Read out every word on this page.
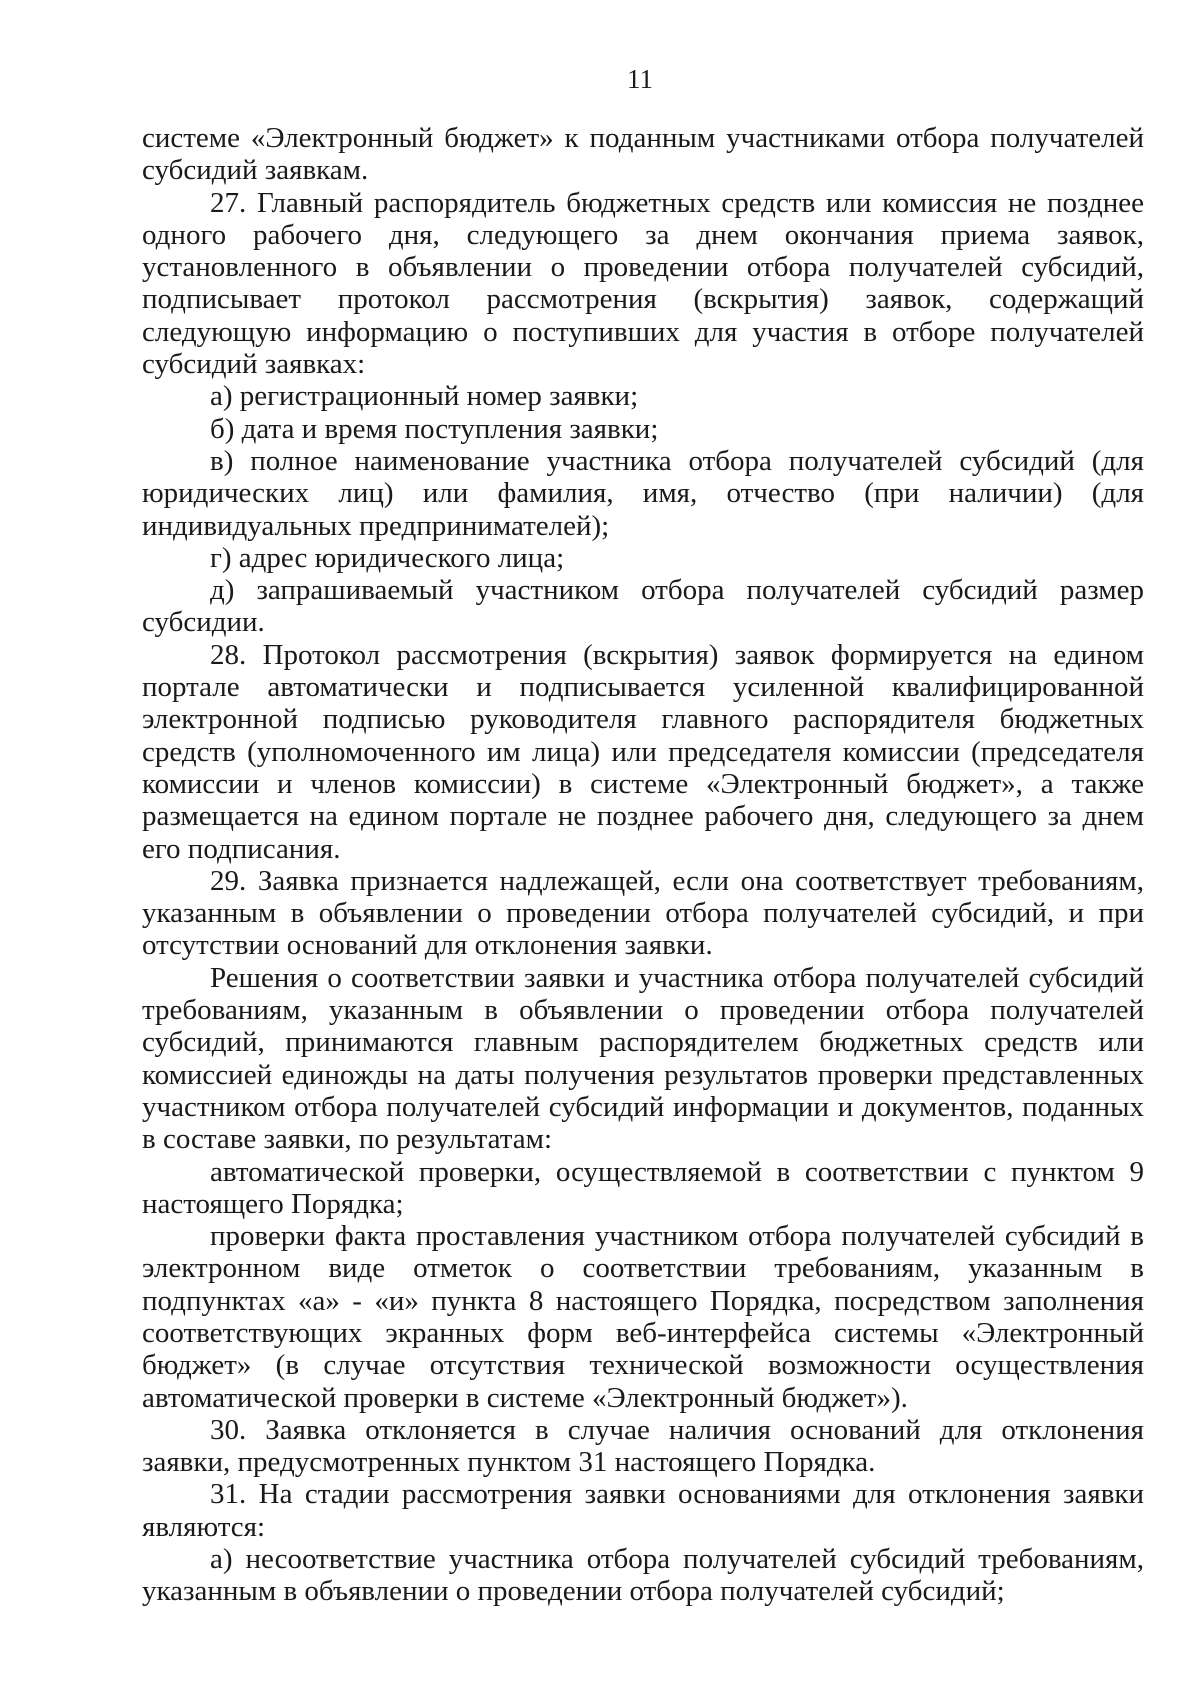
11

системе «Электронный бюджет» к поданным участниками отбора получателей субсидий заявкам.

27. Главный распорядитель бюджетных средств или комиссия не позднее одного рабочего дня, следующего за днем окончания приема заявок, установленного в объявлении о проведении отбора получателей субсидий, подписывает протокол рассмотрения (вскрытия) заявок, содержащий следующую информацию о поступивших для участия в отборе получателей субсидий заявках:

а) регистрационный номер заявки;

б) дата и время поступления заявки;

в) полное наименование участника отбора получателей субсидий (для юридических лиц) или фамилия, имя, отчество (при наличии) (для индивидуальных предпринимателей);

г) адрес юридического лица;

д) запрашиваемый участником отбора получателей субсидий размер субсидии.

28. Протокол рассмотрения (вскрытия) заявок формируется на едином портале автоматически и подписывается усиленной квалифицированной электронной подписью руководителя главного распорядителя бюджетных средств (уполномоченного им лица) или председателя комиссии (председателя комиссии и членов комиссии) в системе «Электронный бюджет», а также размещается на едином портале не позднее рабочего дня, следующего за днем его подписания.

29. Заявка признается надлежащей, если она соответствует требованиям, указанным в объявлении о проведении отбора получателей субсидий, и при отсутствии оснований для отклонения заявки.

Решения о соответствии заявки и участника отбора получателей субсидий требованиям, указанным в объявлении о проведении отбора получателей субсидий, принимаются главным распорядителем бюджетных средств или комиссией единожды на даты получения результатов проверки представленных участником отбора получателей субсидий информации и документов, поданных в составе заявки, по результатам:

автоматической проверки, осуществляемой в соответствии с пунктом 9 настоящего Порядка;

проверки факта проставления участником отбора получателей субсидий в электронном виде отметок о соответствии требованиям, указанным в подпунктах «а» - «и» пункта 8 настоящего Порядка, посредством заполнения соответствующих экранных форм веб-интерфейса системы «Электронный бюджет» (в случае отсутствия технической возможности осуществления автоматической проверки в системе «Электронный бюджет»).

30. Заявка отклоняется в случае наличия оснований для отклонения заявки, предусмотренных пунктом 31 настоящего Порядка.

31. На стадии рассмотрения заявки основаниями для отклонения заявки являются:

а) несоответствие участника отбора получателей субсидий требованиям, указанным в объявлении о проведении отбора получателей субсидий;
